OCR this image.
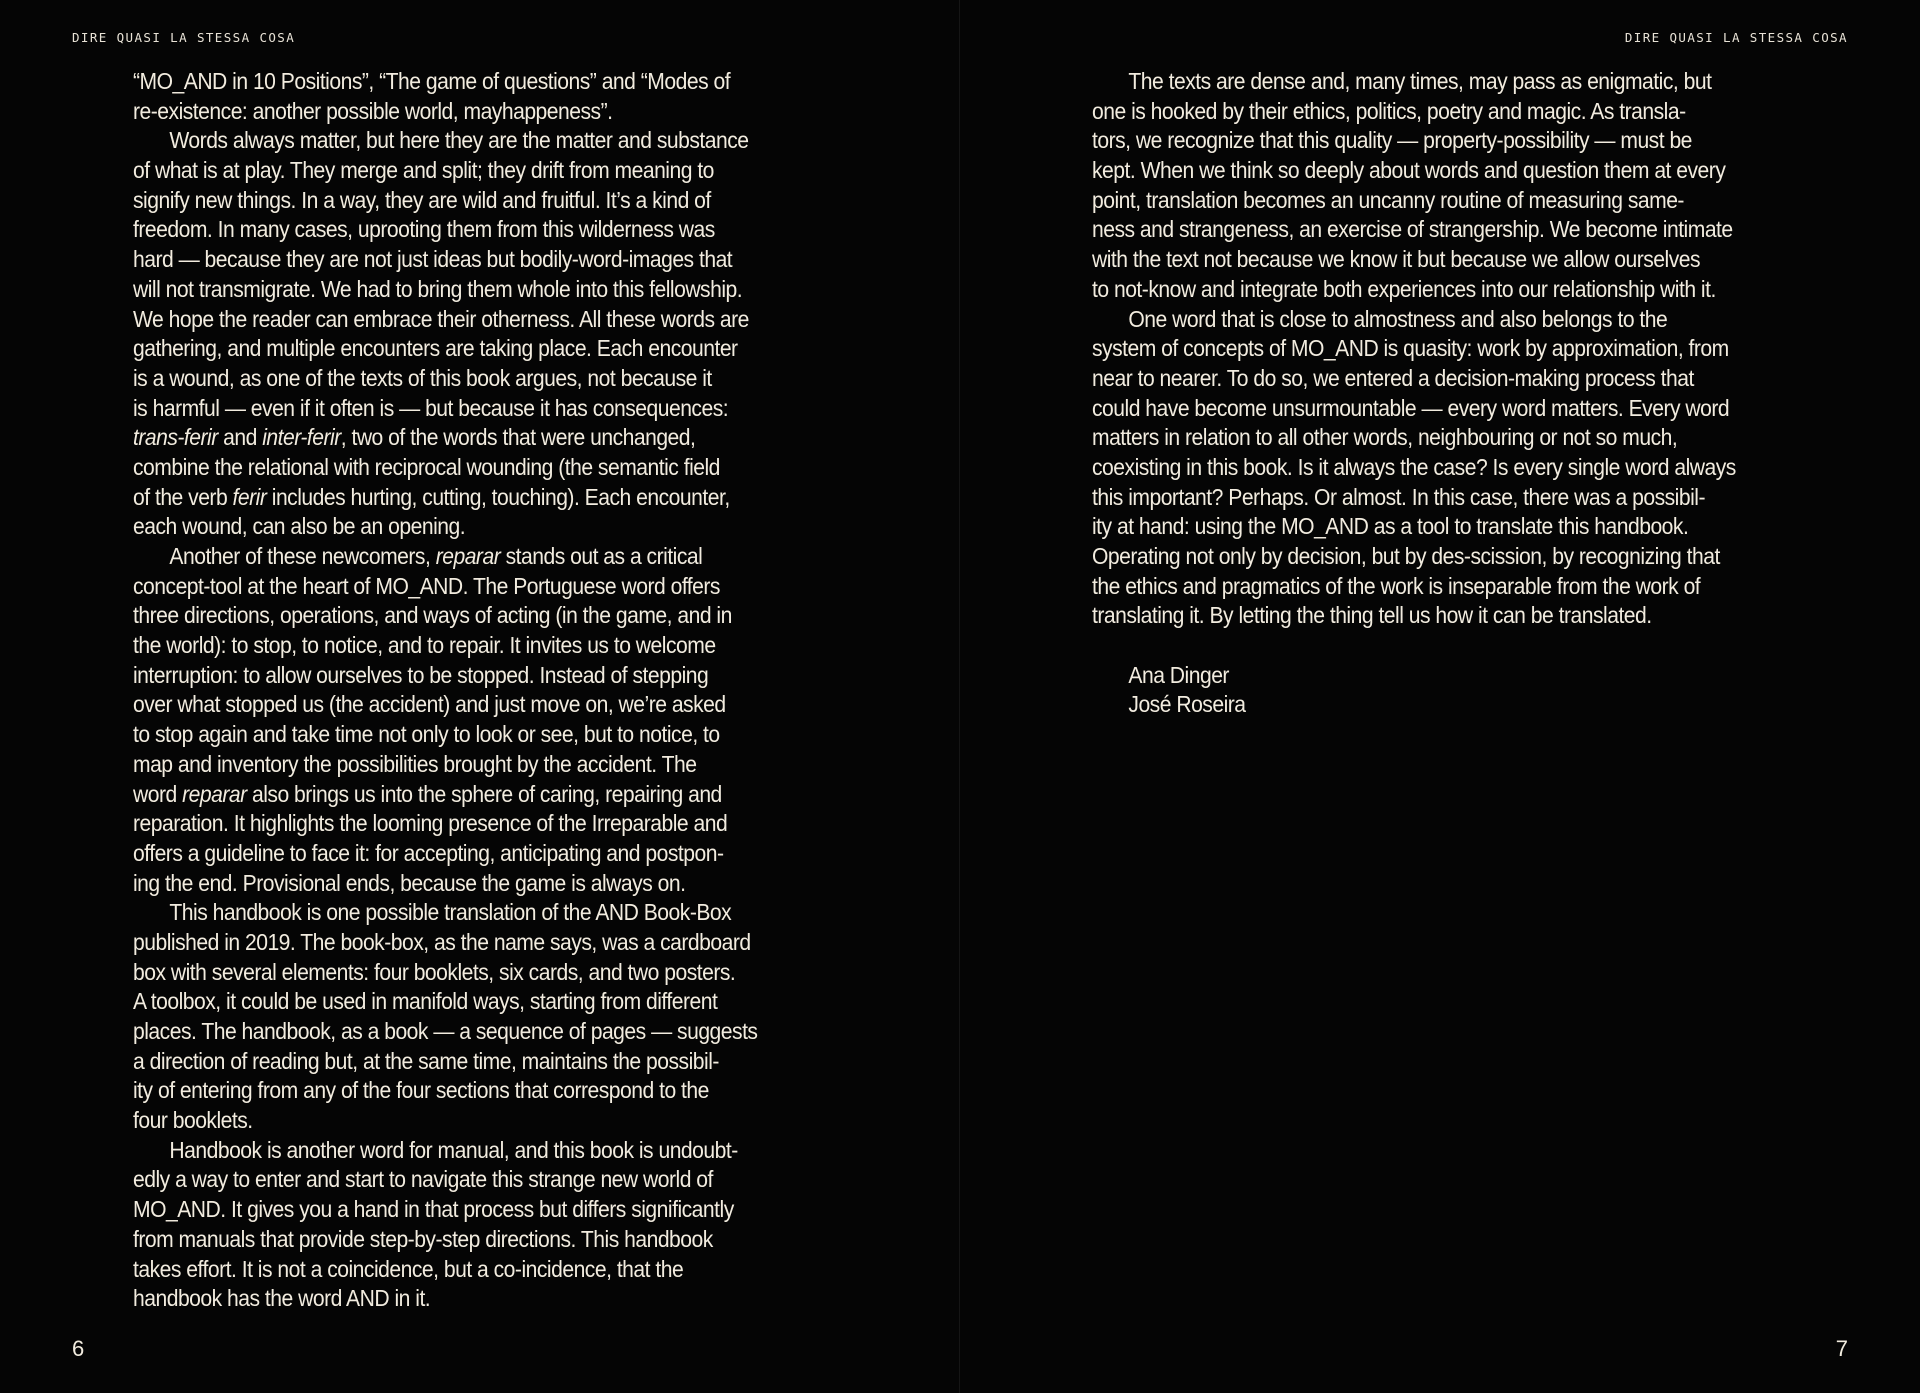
DIRE QUASI LA STESSA COSA
“MO_AND in 10 Positions”, “The game of questions” and “Modes of
re-existence: another possible world, mayhappeness”.
Words always matter, but here they are the matter and substance
of what is at play. They merge and split; they drift from meaning to
signify new things. In a way, they are wild and fruitful. It’s a kind of
freedom. In many cases, uprooting them from this wilderness was
hard — because they are not just ideas but bodily-word-images that
will not transmigrate. We had to bring them whole into this fellowship.
We hope the reader can embrace their otherness. All these words are
gathering, and multiple encounters are taking place. Each encounter
is a wound, as one of the texts of this book argues, not because it
is harmful — even if it often is — but because it has consequences:
trans-ferir and inter-ferir, two of the words that were unchanged,
combine the relational with reciprocal wounding (the semantic field
of the verb ferir includes hurting, cutting, touching). Each encounter,
each wound, can also be an opening.
Another of these newcomers, reparar stands out as a critical
concept-tool at the heart of MO_AND. The Portuguese word offers
three directions, operations, and ways of acting (in the game, and in
the world): to stop, to notice, and to repair. It invites us to welcome
interruption: to allow ourselves to be stopped. Instead of stepping
over what stopped us (the accident) and just move on, we’re asked
to stop again and take time not only to look or see, but to notice, to
map and inventory the possibilities brought by the accident. The
word reparar also brings us into the sphere of caring, repairing and
reparation. It highlights the looming presence of the Irreparable and
offers a guideline to face it: for accepting, anticipating and postpon-
ing the end. Provisional ends, because the game is always on.
This handbook is one possible translation of the AND Book-Box
published in 2019. The book-box, as the name says, was a cardboard
box with several elements: four booklets, six cards, and two posters.
A toolbox, it could be used in manifold ways, starting from different
places. The handbook, as a book — a sequence of pages — suggests
a direction of reading but, at the same time, maintains the possibil-
ity of entering from any of the four sections that correspond to the
four booklets.
Handbook is another word for manual, and this book is undoubt-
edly a way to enter and start to navigate this strange new world of
MO_AND. It gives you a hand in that process but differs significantly
from manuals that provide step-by-step directions. This handbook
takes effort. It is not a coincidence, but a co-incidence, that the
handbook has the word AND in it.
6
DIRE QUASI LA STESSA COSA
The texts are dense and, many times, may pass as enigmatic, but
one is hooked by their ethics, politics, poetry and magic. As transla-
tors, we recognize that this quality — property-possibility — must be
kept. When we think so deeply about words and question them at every
point, translation becomes an uncanny routine of measuring same-
ness and strangeness, an exercise of strangership. We become intimate
with the text not because we know it but because we allow ourselves
to not-know and integrate both experiences into our relationship with it.
One word that is close to almostness and also belongs to the
system of concepts of MO_AND is quasity: work by approximation, from
near to nearer. To do so, we entered a decision-making process that
could have become unsurmountable — every word matters. Every word
matters in relation to all other words, neighbouring or not so much,
coexisting in this book. Is it always the case? Is every single word always
this important? Perhaps. Or almost. In this case, there was a possibil-
ity at hand: using the MO_AND as a tool to translate this handbook.
Operating not only by decision, but by des-scission, by recognizing that
the ethics and pragmatics of the work is inseparable from the work of
translating it. By letting the thing tell us how it can be translated.
Ana Dinger
José Roseira
7
